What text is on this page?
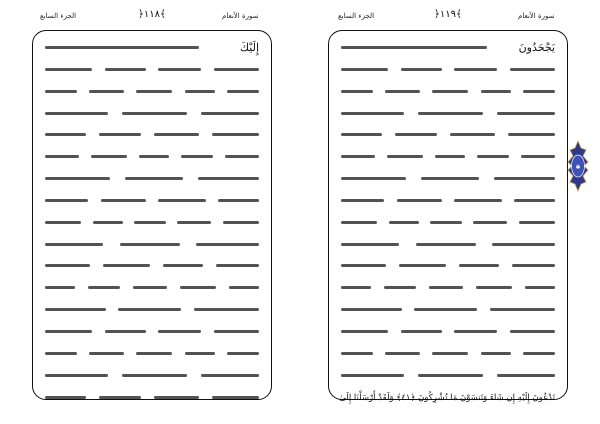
الجزء السابع	﴿١١٨﴾	سورة الأنعام
إِلَيْكَ
الجزء السابع	﴿١١٩﴾	سورة الأنعام
يَجْحَدُونَ
تَدْعُونَ إِلَيْهِ إِن شَاءَ وَتَنسَوْنَ مَا تُشْرِكُونَ ﴿٤١﴾ وَلَقَدْ أَرْسَلْنَا إِلَىٰ
✱
